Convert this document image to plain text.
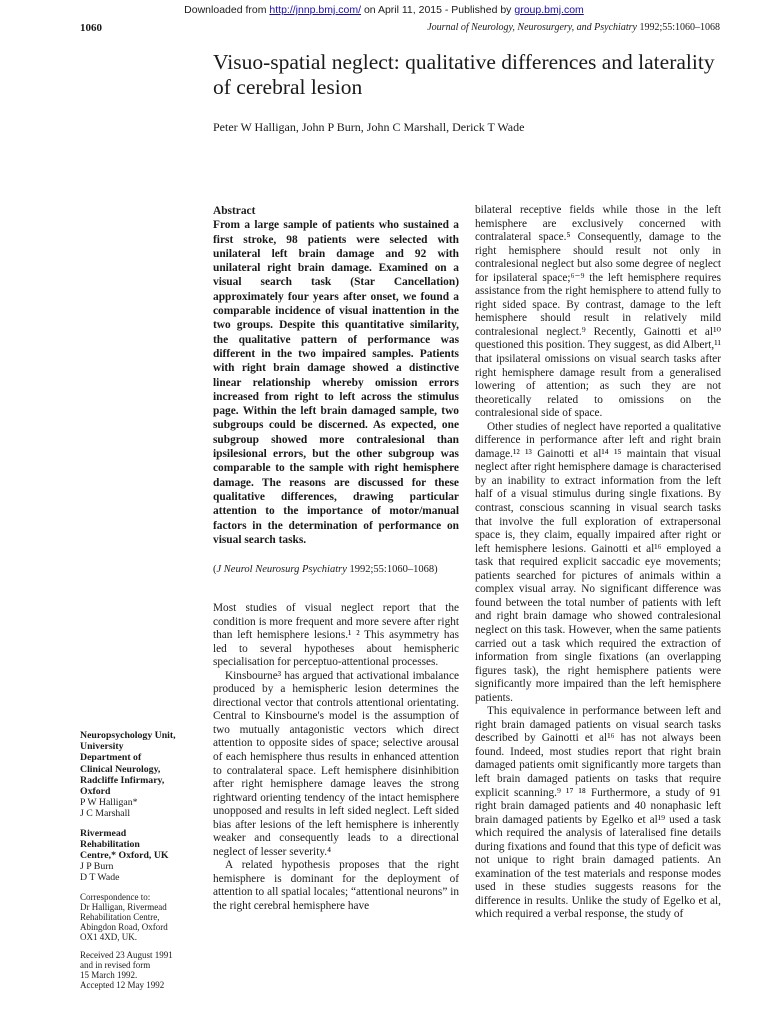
Downloaded from http://jnnp.bmj.com/ on April 11, 2015 - Published by group.bmj.com
1060	Journal of Neurology, Neurosurgery, and Psychiatry 1992;55:1060–1068
Visuo-spatial neglect: qualitative differences and laterality of cerebral lesion
Peter W Halligan, John P Burn, John C Marshall, Derick T Wade
Abstract
From a large sample of patients who sustained a first stroke, 98 patients were selected with unilateral left brain damage and 92 with unilateral right brain damage. Examined on a visual search task (Star Cancellation) approximately four years after onset, we found a comparable incidence of visual inattention in the two groups. Despite this quantitative similarity, the qualitative pattern of performance was different in the two impaired samples. Patients with right brain damage showed a distinctive linear relationship whereby omission errors increased from right to left across the stimulus page. Within the left brain damaged sample, two subgroups could be discerned. As expected, one subgroup showed more contralesional than ipsilesional errors, but the other subgroup was comparable to the sample with right hemisphere damage. The reasons are discussed for these qualitative differences, drawing particular attention to the importance of motor/manual factors in the determination of performance on visual search tasks.
(J Neurol Neurosurg Psychiatry 1992;55:1060–1068)

Most studies of visual neglect report that the condition is more frequent and more severe after right than left hemisphere lesions.¹ ² This asymmetry has led to several hypotheses about hemispheric specialisation for perceptuo-attentional processes.

Kinsbourne³ has argued that activational imbalance produced by a hemispheric lesion determines the directional vector that controls attentional orientating. Central to Kinsbourne's model is the assumption of two mutually antagonistic vectors which direct attention to opposite sides of space; selective arousal of each hemisphere thus results in enhanced attention to contralateral space. Left hemisphere disinhibition after right hemisphere damage leaves the strong rightward orienting tendency of the intact hemisphere unopposed and results in left sided neglect. Left sided bias after lesions of the left hemisphere is inherently weaker and consequently leads to a directional neglect of lesser severity.⁴

A related hypothesis proposes that the right hemisphere is dominant for the deployment of attention to all spatial locales; “attentional neurons” in the right cerebral hemisphere have

bilateral receptive fields while those in the left hemisphere are exclusively concerned with contralateral space.⁵ Consequently, damage to the right hemisphere should result not only in contralesional neglect but also some degree of neglect for ipsilateral space;⁶⁻⁹ the left hemisphere requires assistance from the right hemisphere to attend fully to right sided space. By contrast, damage to the left hemisphere should result in relatively mild contralesional neglect.⁹ Recently, Gainotti et al¹⁰ questioned this position. They suggest, as did Albert,¹¹ that ipsilateral omissions on visual search tasks after right hemisphere damage result from a generalised lowering of attention; as such they are not theoretically related to omissions on the contralesional side of space.

Other studies of neglect have reported a qualitative difference in performance after left and right brain damage.¹² ¹³ Gainotti et al¹⁴ ¹⁵ maintain that visual neglect after right hemisphere damage is characterised by an inability to extract information from the left half of a visual stimulus during single fixations. By contrast, conscious scanning in visual search tasks that involve the full exploration of extrapersonal space is, they claim, equally impaired after right or left hemisphere lesions. Gainotti et al¹⁶ employed a task that required explicit saccadic eye movements; patients searched for pictures of animals within a complex visual array. No significant difference was found between the total number of patients with left and right brain damage who showed contralesional neglect on this task. However, when the same patients carried out a task which required the extraction of information from single fixations (an overlapping figures task), the right hemisphere patients were significantly more impaired than the left hemisphere patients.

This equivalence in performance between left and right brain damaged patients on visual search tasks described by Gainotti et al¹⁶ has not always been found. Indeed, most studies report that right brain damaged patients omit significantly more targets than left brain damaged patients on tasks that require explicit scanning.⁹ ¹⁷ ¹⁸ Furthermore, a study of 91 right brain damaged patients and 40 nonaphasic left brain damaged patients by Egelko et al¹⁹ used a task which required the analysis of lateralised fine details during fixations and found that this type of deficit was not unique to right brain damaged patients. An examination of the test materials and response modes used in these studies suggests reasons for the difference in results. Unlike the study of Egelko et al, which required a verbal response, the study of

Neuropsychology Unit,
University
Department of
Clinical Neurology,
Radcliffe Infirmary,
Oxford
P W Halligan*
J C Marshall
Rivermead
Rehabilitation
Centre,* Oxford, UK
J P Burn
D T Wade
Correspondence to:
Dr Halligan, Rivermead
Rehabilitation Centre,
Abingdon Road, Oxford
OX1 4XD, UK.
Received 23 August 1991
and in revised form
15 March 1992.
Accepted 12 May 1992
